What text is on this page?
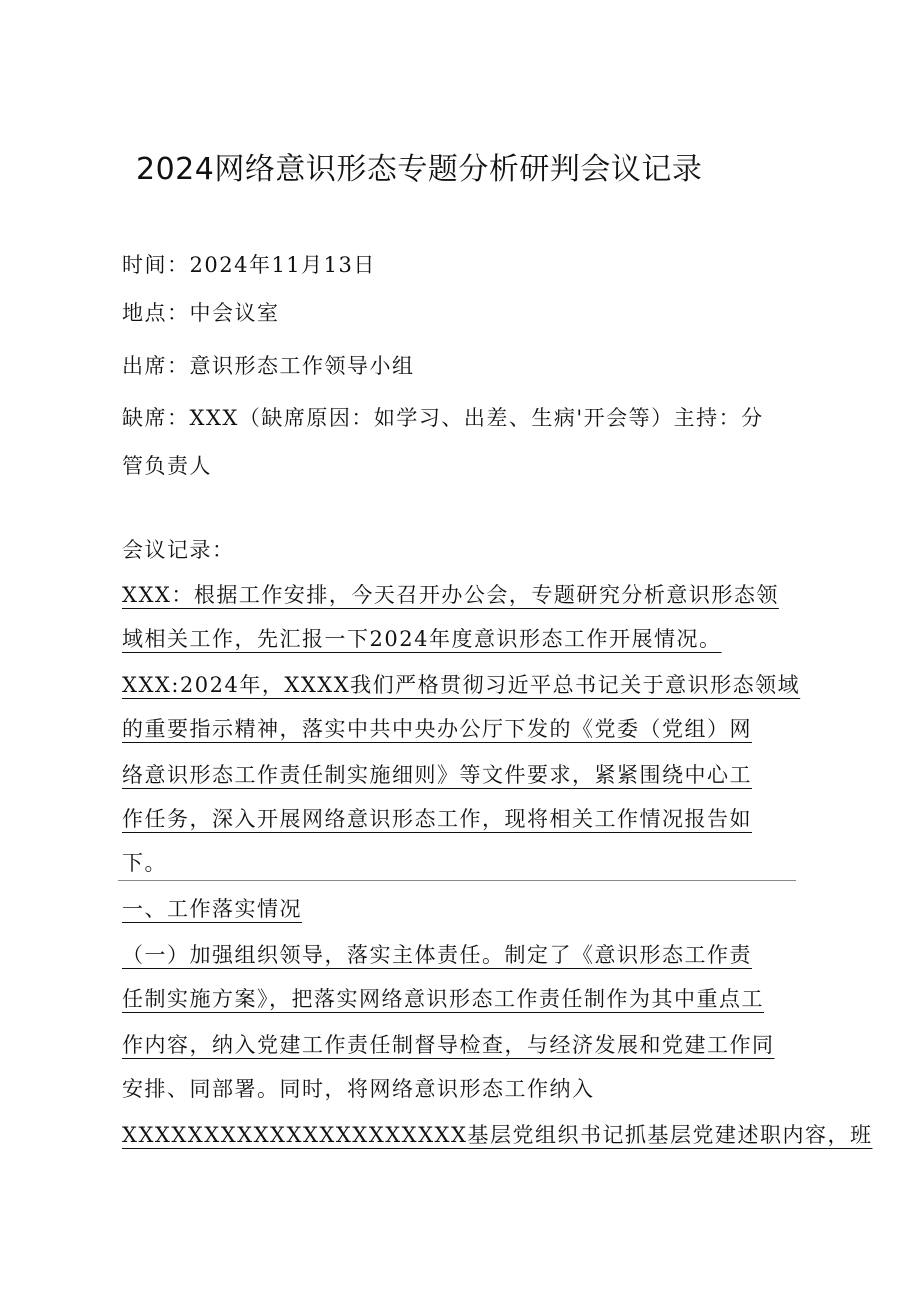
2024网络意识形态专题分析研判会议记录
时间：2024年11月13日
地点：中会议室
出席：意识形态工作领导小组
缺席：XXX（缺席原因：如学习、出差、生病'开会等）主持：分
管负责人
会议记录：
XXX：根据工作安排，今天召开办公会，专题研究分析意识形态领
域相关工作，先汇报一下2024年度意识形态工作开展情况。
XXX:2024年，XXXX我们严格贯彻习近平总书记关于意识形态领域
的重要指示精神，落实中共中央办公厅下发的《党委（党组）网
络意识形态工作责任制实施细则》等文件要求，紧紧围绕中心工
作任务，深入开展网络意识形态工作，现将相关工作情况报告如
下。
一、工作落实情况
（一）加强组织领导，落实主体责任。制定了《意识形态工作责
任制实施方案》，把落实网络意识形态工作责任制作为其中重点工
作内容，纳入党建工作责任制督导检查，与经济发展和党建工作同
安排、同部署。同时，将网络意识形态工作纳入
XXXXXXXXXXXXXXXXXXXXX基层党组织书记抓基层党建述职内容，班
